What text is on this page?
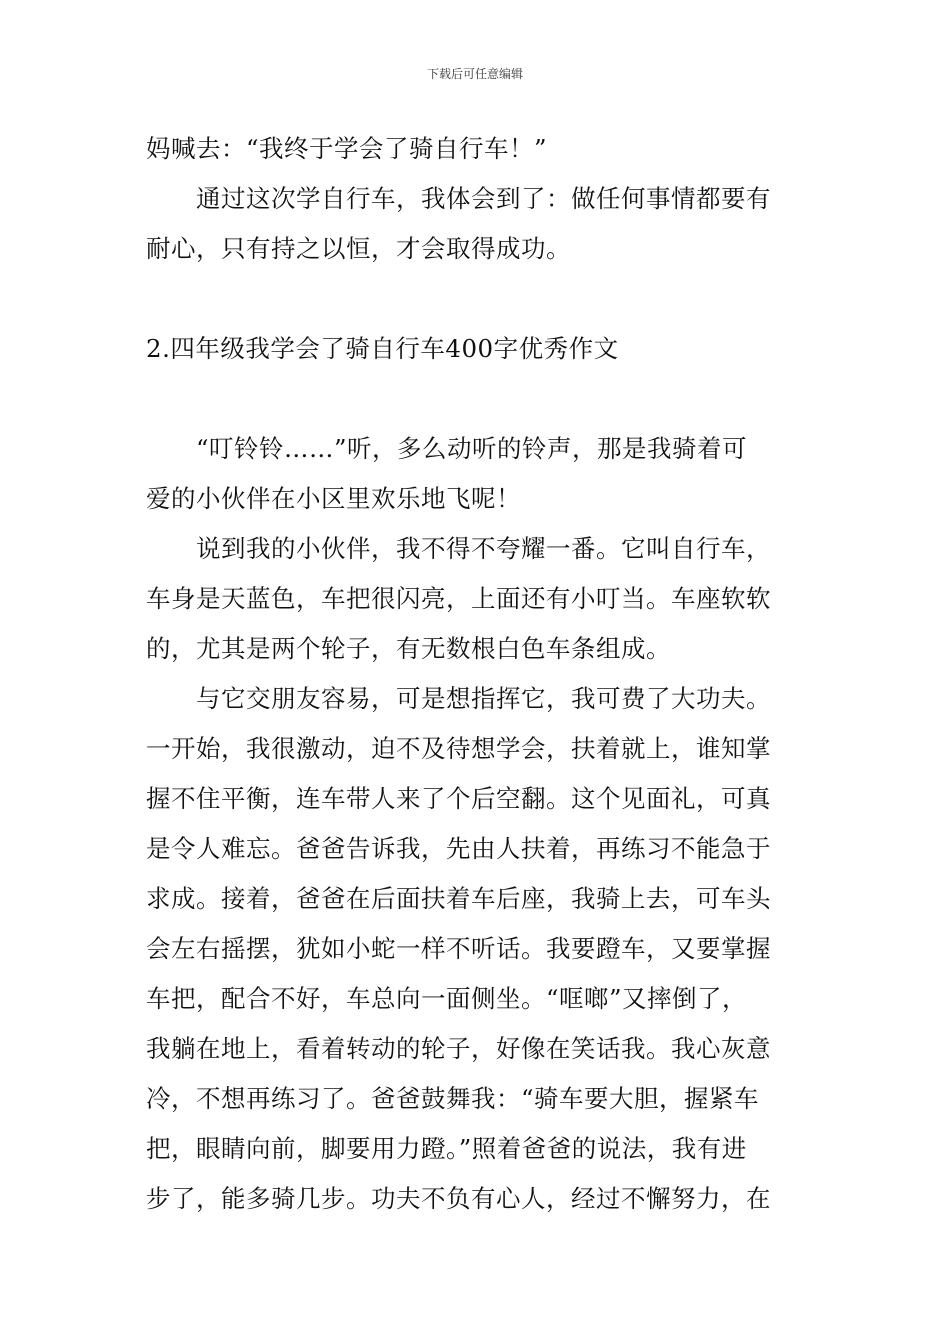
下载后可任意编辑

妈喊去：“我终于学会了骑自行车！”

通过这次学自行车，我体会到了：做任何事情都要有

耐心，只有持之以恒，才会取得成功。

2.四年级我学会了骑自行车400字优秀作文

“叮铃铃……”听，多么动听的铃声，那是我骑着可

爱的小伙伴在小区里欢乐地飞呢！

说到我的小伙伴，我不得不夸耀一番。它叫自行车，

车身是天蓝色，车把很闪亮，上面还有小叮当。车座软软

的，尤其是两个轮子，有无数根白色车条组成。

与它交朋友容易，可是想指挥它，我可费了大功夫。

一开始，我很激动，迫不及待想学会，扶着就上，谁知掌

握不住平衡，连车带人来了个后空翻。这个见面礼，可真

是令人难忘。爸爸告诉我，先由人扶着，再练习不能急于

求成。接着，爸爸在后面扶着车后座，我骑上去，可车头

会左右摇摆，犹如小蛇一样不听话。我要蹬车，又要掌握

车把，配合不好，车总向一面侧坐。“哐啷”又摔倒了，

我躺在地上，看着转动的轮子，好像在笑话我。我心灰意

冷，不想再练习了。爸爸鼓舞我：“骑车要大胆，握紧车

把，眼睛向前，脚要用力蹬。”照着爸爸的说法，我有进

步了，能多骑几步。功夫不负有心人，经过不懈努力，在
